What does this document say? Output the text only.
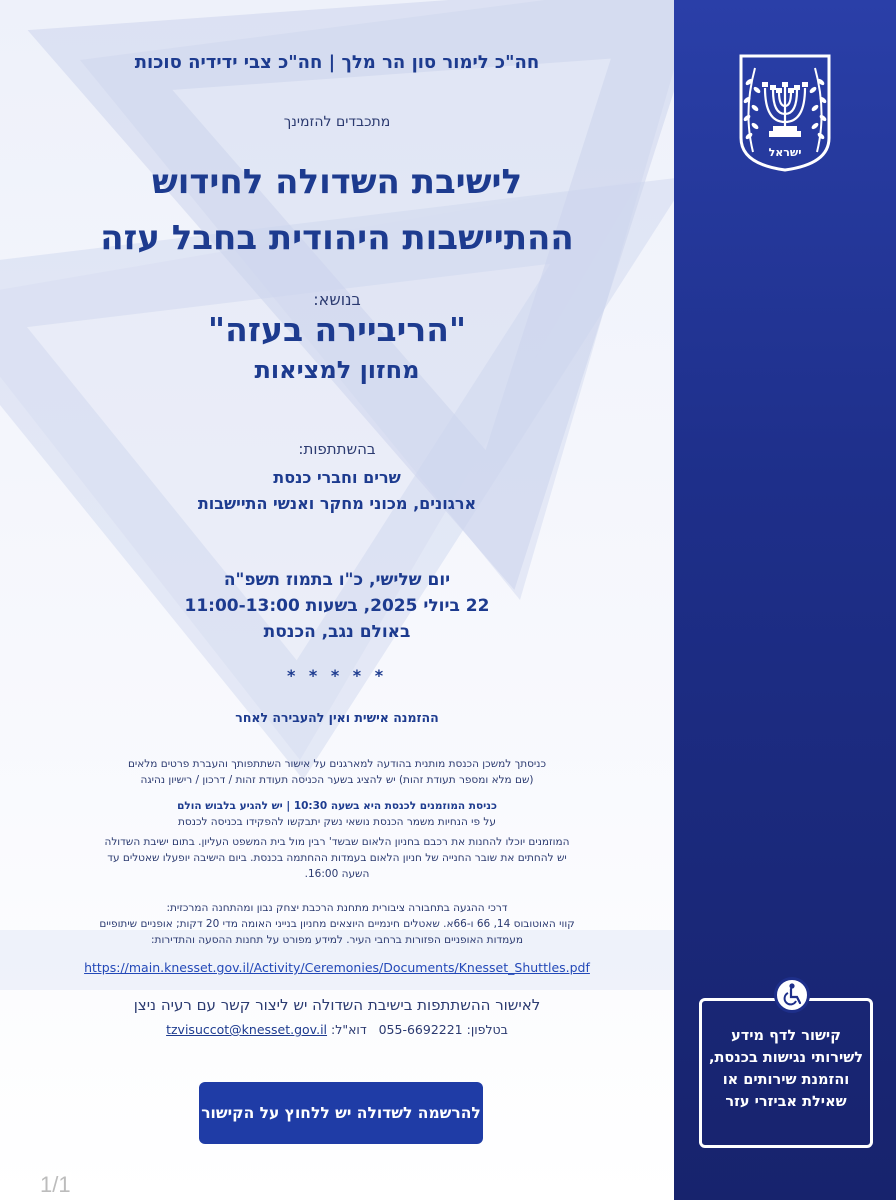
חה"כ לימור סון הר מלך | חה"כ צבי ידידיה סוכות

מתכבדים להזמינך

לישיבת השדולה לחידוש
ההתיישבות היהודית בחבל עזה

בנושא:

"הריביירה בעזה"

מחזון למציאות

בהשתתפות:

שרים וחברי כנסת

ארגונים, מכוני מחקר ואנשי התיישבות

יום שלישי, כ"ו בתמוז תשפ"ה

22 ביולי 2025, בשעות 11:00-13:00

באולם נגב, הכנסת

* * * * *

ההזמנה אישית ואין להעבירה לאחר

כניסתך למשכן הכנסת מותנית בהודעה למארגנים על אישור השתתפותך והעברת פרטים מלאים
(שם מלא ומספר תעודת זהות) יש להציג בשער הכניסה תעודת זהות / דרכון / רישיון נהיגה
כניסת המוזמנים לכנסת היא בשעה 10:30 | יש להגיע בלבוש הולם
על פי הנחיות משמר הכנסת נושאי נשק יתבקשו להפקידו בכניסה לכנסת
המוזמנים יוכלו להחנות את רכבם בחניון הלאום שבשד' רבין מול בית המשפט העליון. בתום ישיבת השדולה
יש להחתים את שובר החנייה של חניון הלאום בעמדות ההחתמה בכנסת. ביום הישיבה יופעלו שאטלים עד
השעה 16:00.
דרכי ההגעה בתחבורה ציבורית מתחנת הרכבת יצחק נבון ומהתחנה המרכזית:
קווי האוטובוס 14, 66 ו-66א. שאטלים חינמיים היוצאים מחניון בנייני האומה מדי 20 דקות; אופניים שיתופיים
מעמדות האופניים הפזורות ברחבי העיר. למידע מפורט על תחנות ההסעה והתדירות:
https://main.knesset.gov.il/Activity/Ceremonies/Documents/Knesset_Shuttles.pdf

לאישור ההשתתפות בישיבת השדולה יש ליצור קשר עם רעיה ניצן

בטלפון: 055-6692221   דוא"ל: tzvisuccot@knesset.gov.il

להרשמה לשדולה יש ללחוץ על הקישור
1/1
ישראל
קישור לדף מידע
לשירותי נגישות בכנסת,
והזמנת שירותים או
שאילת אביזרי עזר
